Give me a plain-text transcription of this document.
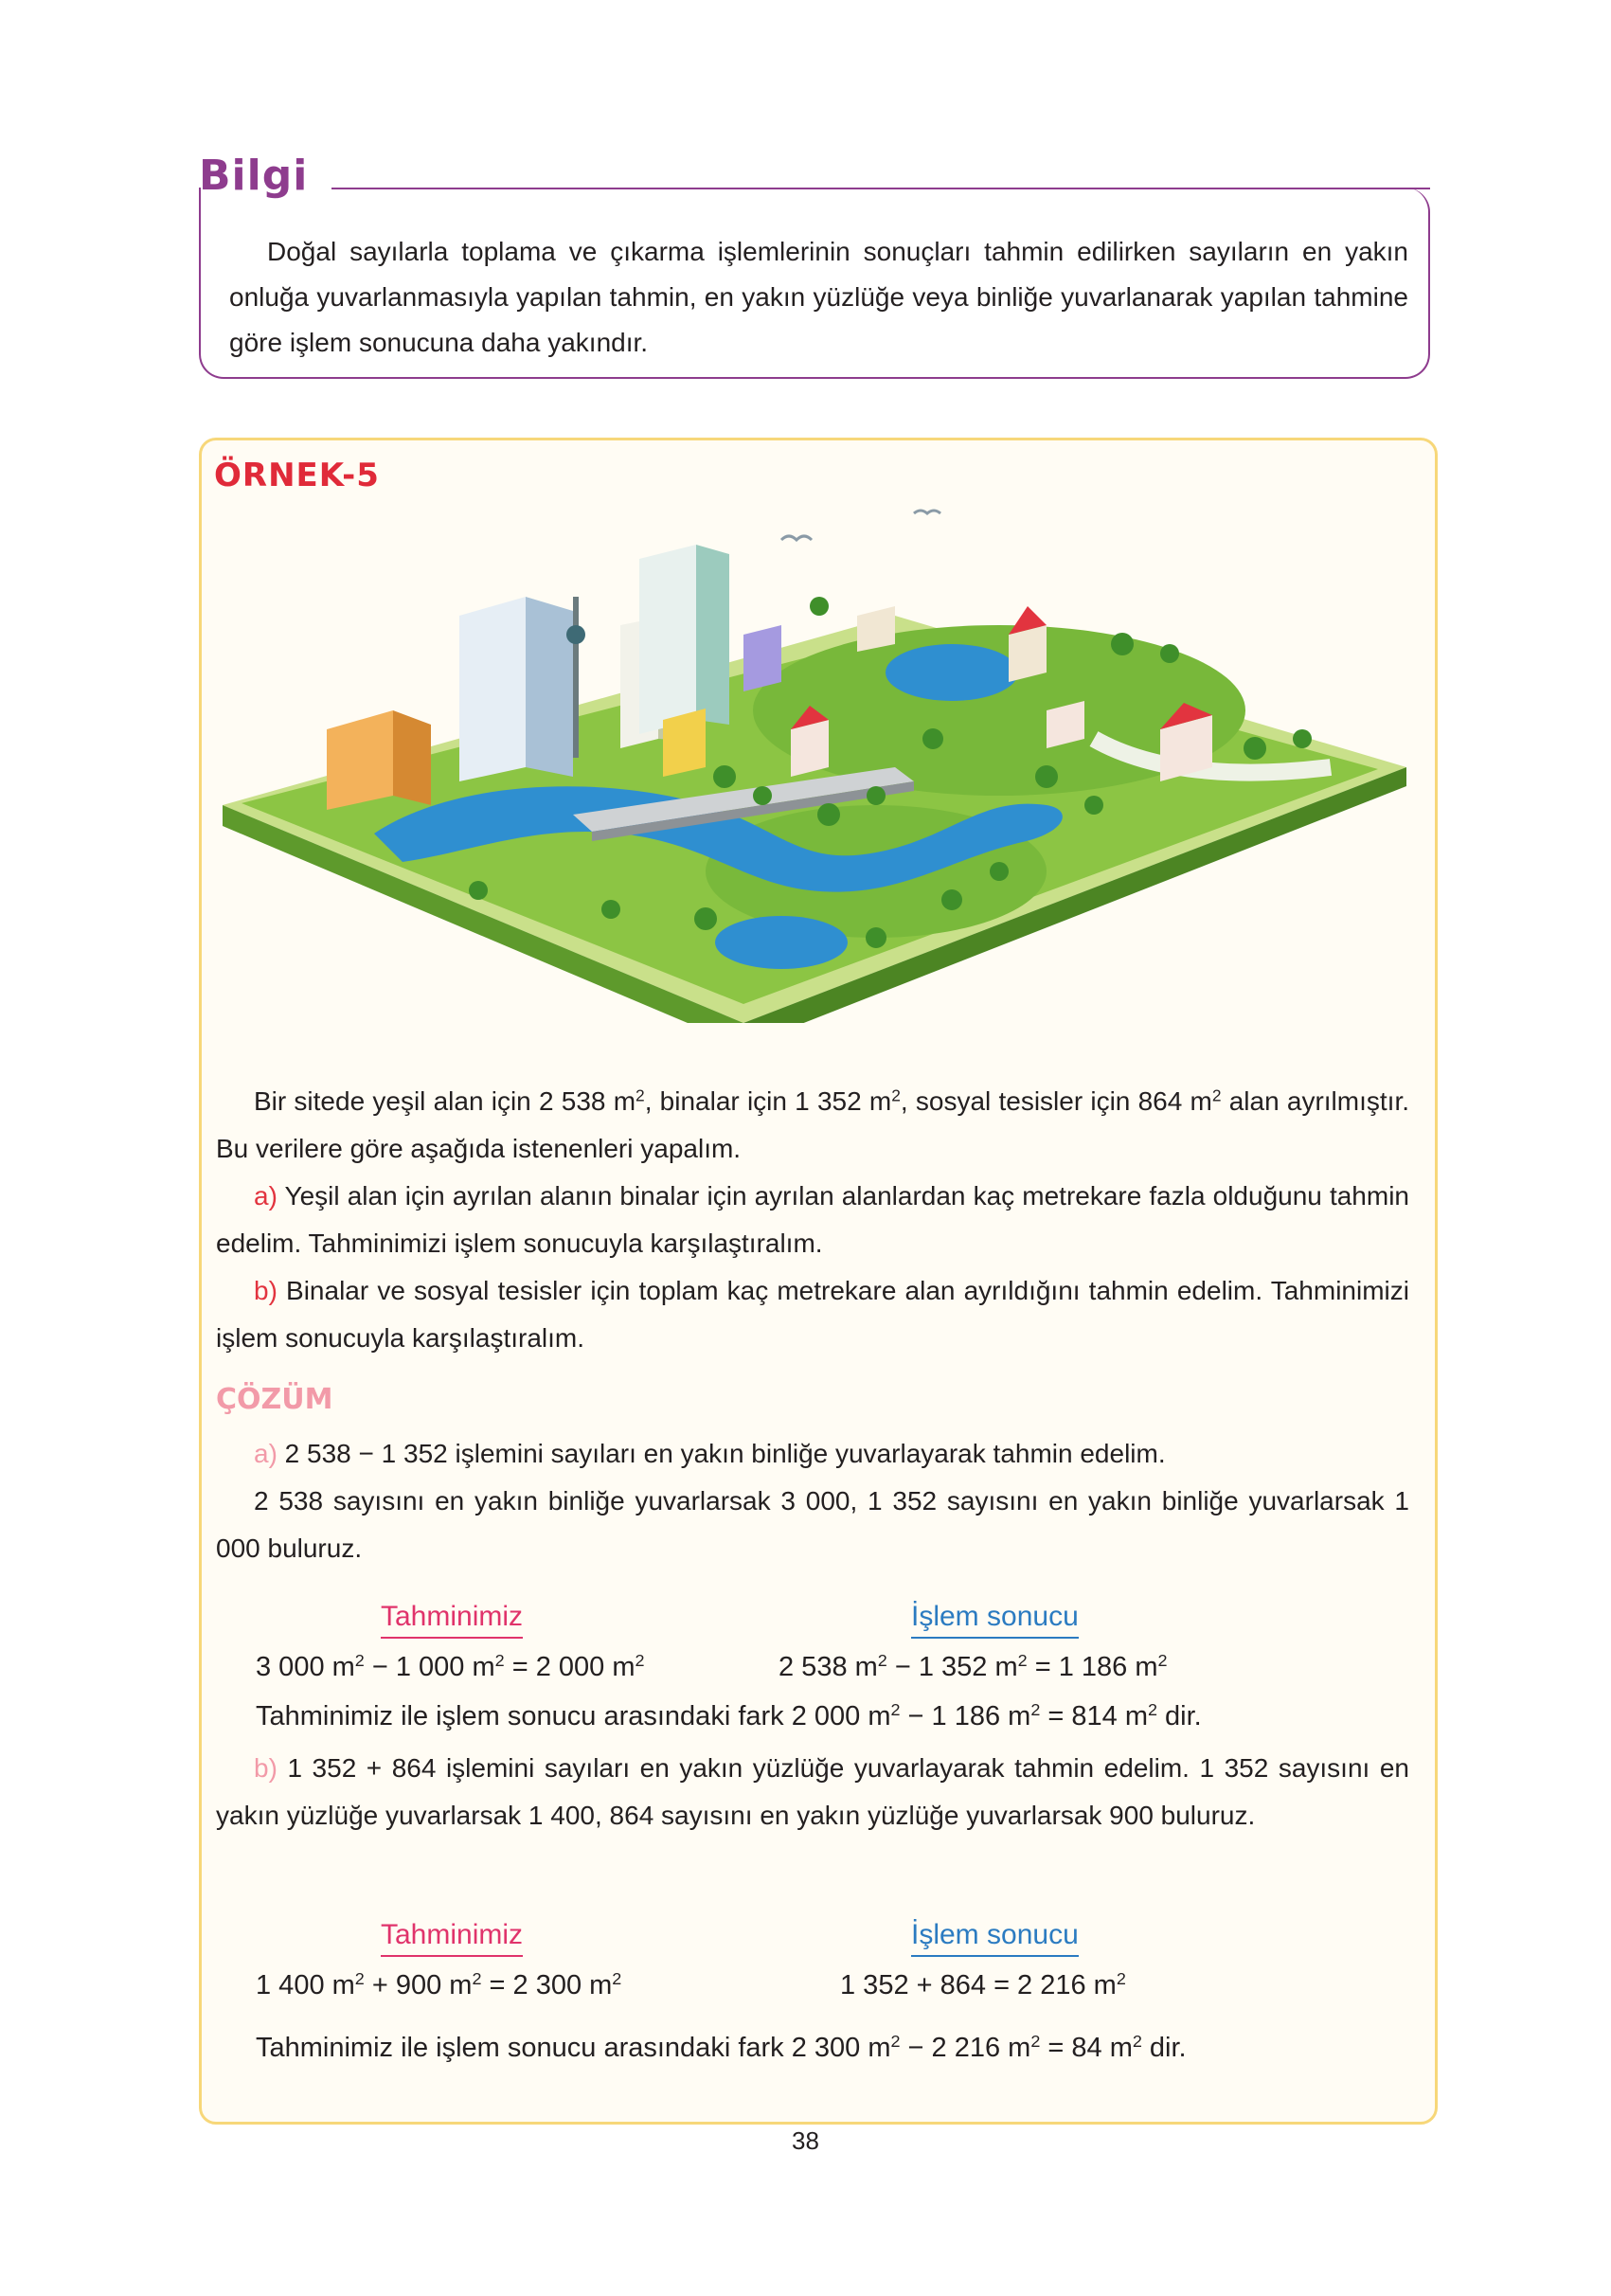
Bilgi
Doğal sayılarla toplama ve çıkarma işlemlerinin sonuçları tahmin edilirken sayıların en yakın onluğa yuvarlanmasıyla yapılan tahmin, en yakın yüzlüğe veya binliğe yuvarlanarak yapılan tahmine göre işlem sonucuna daha yakındır.
ÖRNEK-5
Bir sitede yeşil alan için 2 538 $m^2$, binalar için 1 352 $m^2$, sosyal tesisler için 864 $m^2$ alan ayrılmıştır. Bu verilere göre aşağıda istenenleri yapalım.
a) Yeşil alan için ayrılan alanın binalar için ayrılan alanlardan kaç metrekare fazla olduğunu tahmin edelim. Tahminimizi işlem sonucuyla karşılaştıralım.
b) Binalar ve sosyal tesisler için toplam kaç metrekare alan ayrıldığını tahmin edelim. Tahminimizi işlem sonucuyla karşılaştıralım.
ÇÖZÜM
a) 2 538 − 1 352 işlemini sayıları en yakın binliğe yuvarlayarak tahmin edelim.
2 538 sayısını en yakın binliğe yuvarlarsak 3 000, 1 352 sayısını en yakın binliğe yuvarlarsak 1 000 buluruz.
Tahminimiz	İşlem sonucu
3 000 $m^2 - 1$ 000 $m^2 = 2$ 000 $m^2$	2 538 $m^2 - 1$ 352 $m^2 = 1$ 186 $m^2$
Tahminimiz ile işlem sonucu arasındaki fark 2 000 $m^2 - 1$ 186 $m^2 = 814$ $m^2$ dir.
b) 1 352 + 864 işlemini sayıları en yakın yüzlüğe yuvarlayarak tahmin edelim. 1 352 sayısını en yakın yüzlüğe yuvarlarsak 1 400, 864 sayısını en yakın yüzlüğe yuvarlarsak 900 buluruz.
Tahminimiz	İşlem sonucu
1 400 $m^2 + 900$ $m^2 = 2$ 300 $m^2$	1 352 + 864 = 2 216 $m^2$
Tahminimiz ile işlem sonucu arasındaki fark 2 300 $m^2 - 2$ 216 $m^2 = 84$ $m^2$ dir.
38
